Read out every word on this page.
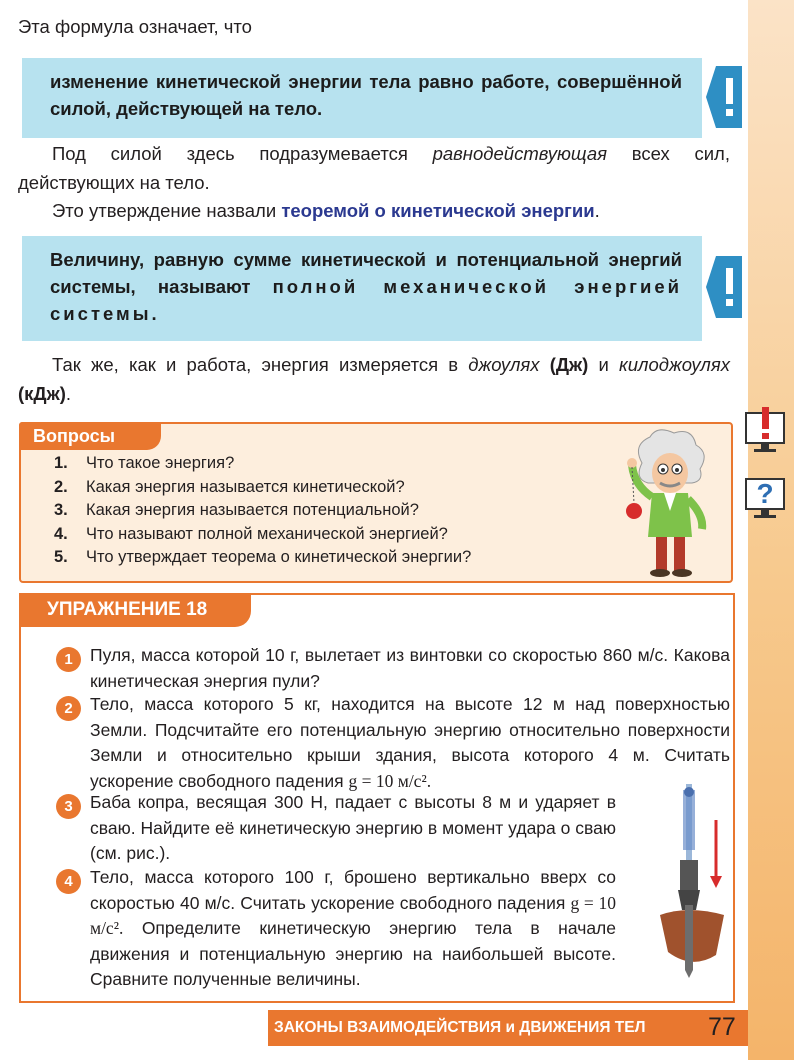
Эта формула означает, что

изменение кинетической энергии тела равно работе, совершённой силой, действующей на тело.

Под силой здесь подразумевается равнодействующая всех сил, действующих на тело.

Это утверждение назвали теоремой о кинетической энергии.

Величину, равную сумме кинетической и потенциальной энергий системы, называют полной механической энергией системы.

Так же, как и работа, энергия измеряется в джоулях (Дж) и килоджоулях (кДж).

Вопросы
1. Что такое энергия?
2. Какая энергия называется кинетической?
3. Какая энергия называется потенциальной?
4. Что называют полной механической энергией?
5. Что утверждает теорема о кинетической энергии?
?
УПРАЖНЕНИЕ 18
1 Пуля, масса которой 10 г, вылетает из винтовки со скоростью 860 м/с. Какова кинетическая энергия пули?

2 Тело, масса которого 5 кг, находится на высоте 12 м над поверхностью Земли. Подсчитайте его потенциальную энергию относительно поверхности Земли и относительно крыши здания, высота которого 4 м. Считать ускорение свободного падения g = 10 м/с².

3 Баба копра, весящая 300 Н, падает с высоты 8 м и ударяет в сваю. Найдите её кинетическую энергию в момент удара о сваю (см. рис.).

4 Тело, масса которого 100 г, брошено вертикально вверх со скоростью 40 м/с. Считать ускорение свободного падения g = 10 м/с². Определите кинетическую энергию тела в начале движения и потенциальную энергию на наибольшей высоте. Сравните полученные величины.

ЗАКОНЫ ВЗАИМОДЕЙСТВИЯ и ДВИЖЕНИЯ ТЕЛ	77
